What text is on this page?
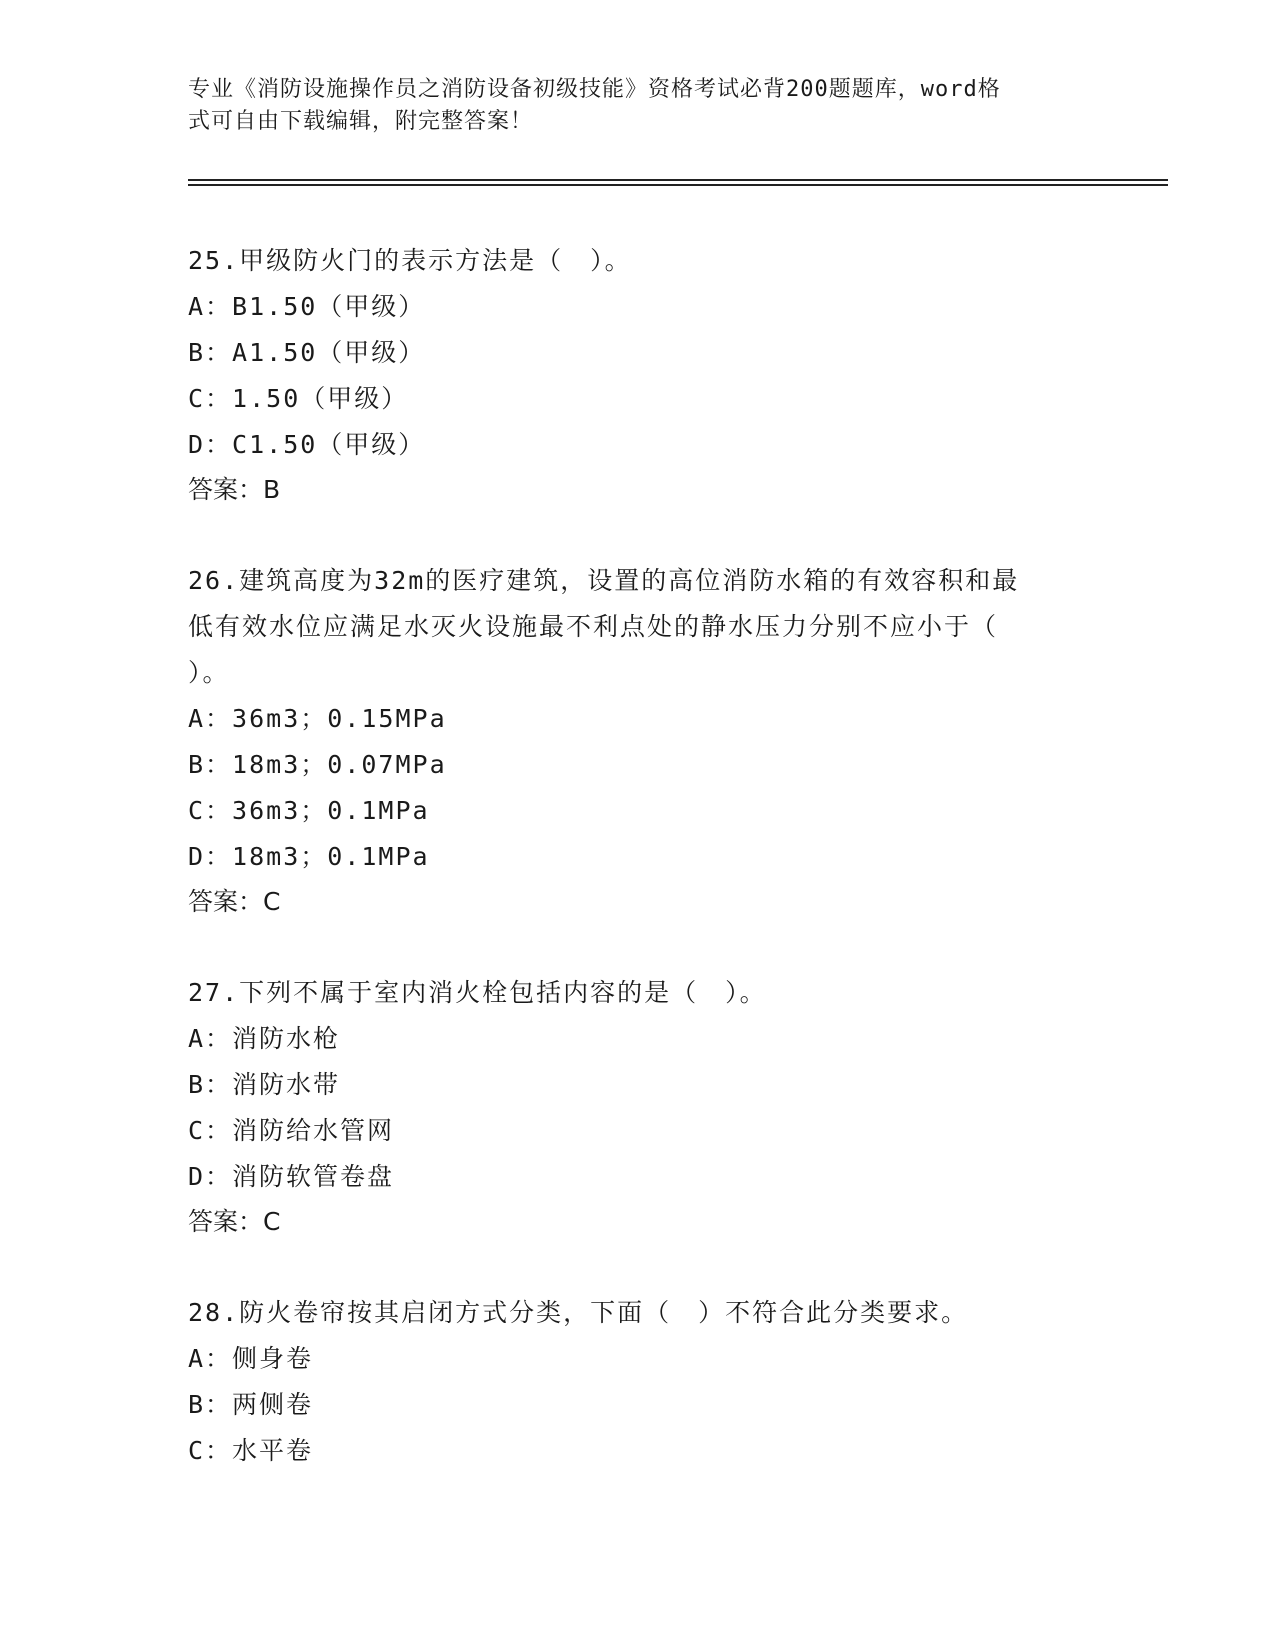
专业《消防设施操作员之消防设备初级技能》资格考试必背200题题库，word格
式可自由下载编辑，附完整答案！

25.甲级防火门的表示方法是（　）。

A：B1.50（甲级）

B：A1.50（甲级）

C：1.50（甲级）

D：C1.50（甲级）

答案：B

26.建筑高度为32m的医疗建筑，设置的高位消防水箱的有效容积和最

低有效水位应满足水灭火设施最不利点处的静水压力分别不应小于（

）。

A：36m3；0.15MPa

B：18m3；0.07MPa

C：36m3；0.1MPa

D：18m3；0.1MPa

答案：C

27.下列不属于室内消火栓包括内容的是（　）。

A：消防水枪

B：消防水带

C：消防给水管网

D：消防软管卷盘

答案：C

28.防火卷帘按其启闭方式分类，下面（　）不符合此分类要求。

A：侧身卷

B：两侧卷

C：水平卷
